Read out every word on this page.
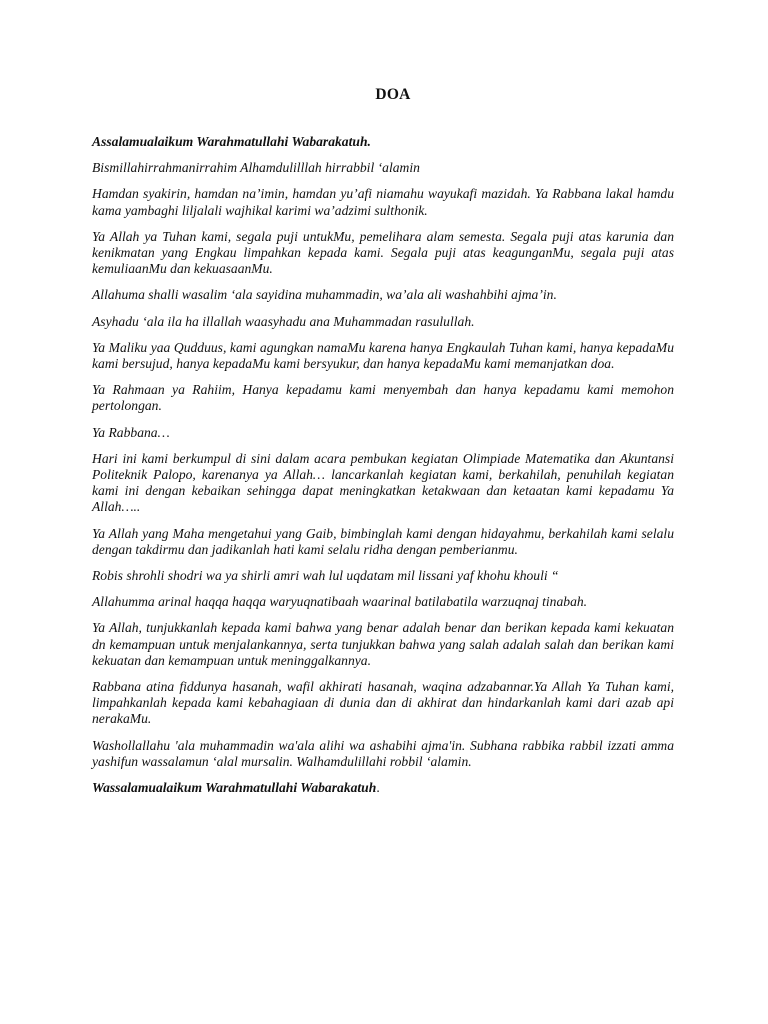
DOA

Assalamualaikum Warahmatullahi Wabarakatuh.

Bismillahirrahmanirrahim Alhamdulilllah hirrabbil ‘alamin

Hamdan syakirin, hamdan na’imin, hamdan yu’afi niamahu wayukafi mazidah. Ya Rabbana lakal hamdu kama yambaghi liljalali wajhikal karimi wa’adzimi sulthonik.

Ya Allah ya Tuhan kami, segala puji untukMu, pemelihara alam semesta. Segala puji atas karunia dan kenikmatan yang Engkau limpahkan kepada kami. Segala puji atas keagunganMu, segala puji atas kemuliaanMu dan kekuasaanMu.

Allahuma shalli wasalim ‘ala sayidina muhammadin, wa’ala ali washahbihi ajma’in.

Asyhadu ‘ala ila ha illallah waasyhadu ana Muhammadan rasulullah.

Ya Maliku yaa Qudduus, kami agungkan namaMu karena hanya Engkaulah Tuhan kami, hanya kepadaMu kami bersujud, hanya kepadaMu kami bersyukur, dan hanya kepadaMu kami memanjatkan doa.

Ya Rahmaan ya Rahiim, Hanya kepadamu kami menyembah dan hanya kepadamu kami memohon pertolongan.

Ya Rabbana…

Hari ini kami berkumpul di sini dalam acara pembukan kegiatan Olimpiade Matematika dan Akuntansi Politeknik Palopo, karenanya ya Allah… lancarkanlah kegiatan kami, berkahilah, penuhilah kegiatan kami ini dengan kebaikan sehingga dapat meningkatkan ketakwaan dan ketaatan kami kepadamu Ya Allah…..

Ya Allah yang Maha mengetahui yang Gaib, bimbinglah kami dengan hidayahmu, berkahilah kami selalu dengan takdirmu dan jadikanlah hati kami selalu ridha dengan pemberianmu.

Robis shrohli shodri wa ya shirli amri wah lul uqdatam mil lissani yaf khohu khouli “

Allahumma arinal haqqa haqqa waryuqnatibaah waarinal batilabatila warzuqnaj tinabah.

Ya Allah, tunjukkanlah kepada kami bahwa yang benar adalah benar dan berikan kepada kami kekuatan dn kemampuan untuk menjalankannya, serta tunjukkan bahwa yang salah adalah salah dan berikan kami kekuatan dan kemampuan untuk meninggalkannya.

Rabbana atina fiddunya hasanah, wafil akhirati hasanah, waqina adzabannar.Ya Allah Ya Tuhan kami, limpahkanlah kepada kami kebahagiaan di dunia dan di akhirat dan hindarkanlah kami dari azab api nerakaMu.

Washollallahu 'ala muhammadin wa'ala alihi wa ashabihi ajma'in. Subhana rabbika rabbil izzati amma yashifun wassalamun ‘alal mursalin. Walhamdulillahi robbil ‘alamin.

Wassalamualaikum Warahmatullahi Wabarakatuh.
